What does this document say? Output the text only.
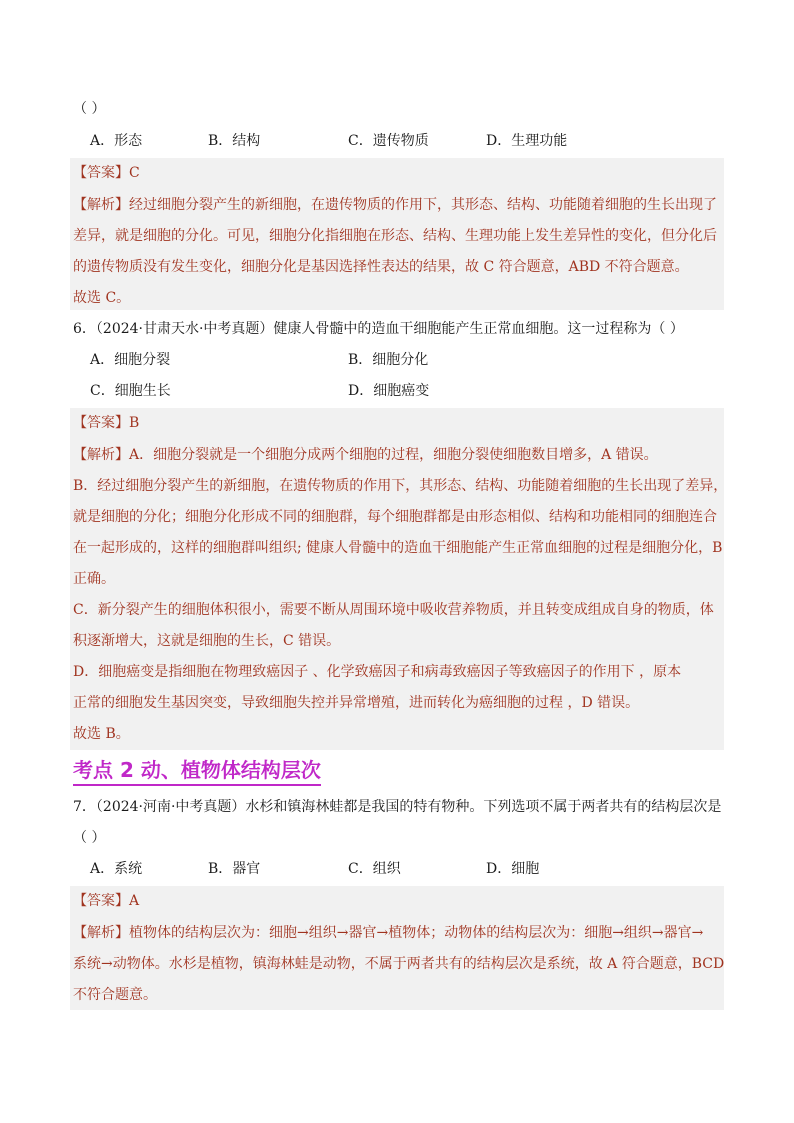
（ ）
A．形态	B．结构	C．遗传物质	D．生理功能
【答案】C
【解析】经过细胞分裂产生的新细胞，在遗传物质的作用下，其形态、结构、功能随着细胞的生长出现了
差异，就是细胞的分化。可见，细胞分化指细胞在形态、结构、生理功能上发生差异性的变化，但分化后
的遗传物质没有发生变化，细胞分化是基因选择性表达的结果，故 C 符合题意，ABD 不符合题意。
故选 C。
6．（2024·甘肃天水·中考真题）健康人骨髓中的造血干细胞能产生正常血细胞。这一过程称为（ ）
A．细胞分裂	B．细胞分化
C．细胞生长	D．细胞癌变
【答案】B
【解析】A．细胞分裂就是一个细胞分成两个细胞的过程，细胞分裂使细胞数目增多，A 错误。
B．经过细胞分裂产生的新细胞，在遗传物质的作用下，其形态、结构、功能随着细胞的生长出现了差异，
就是细胞的分化；细胞分化形成不同的细胞群，每个细胞群都是由形态相似、结构和功能相同的细胞连合
在一起形成的，这样的细胞群叫组织; 健康人骨髓中的造血干细胞能产生正常血细胞的过程是细胞分化，B
正确。
C．新分裂产生的细胞体积很小，需要不断从周围环境中吸收营养物质，并且转变成组成自身的物质，体
积逐渐增大，这就是细胞的生长，C 错误。
D．细胞癌变是指细胞在物理致癌因子 、化学致癌因子和病毒致癌因子等致癌因子的作用下 ，原本
正常的细胞发生基因突变，导致细胞失控并异常增殖，进而转化为癌细胞的过程 ，D 错误。
故选 B。
考点 2 动、植物体结构层次
7．（2024·河南·中考真题）水杉和镇海林蛙都是我国的特有物种。下列选项不属于两者共有的结构层次是
（ ）
A．系统	B．器官	C．组织	D．细胞
【答案】A
【解析】植物体的结构层次为：细胞→组织→器官→植物体；动物体的结构层次为：细胞→组织→器官→
系统→动物体。水杉是植物，镇海林蛙是动物，不属于两者共有的结构层次是系统，故 A 符合题意，BCD
不符合题意。
